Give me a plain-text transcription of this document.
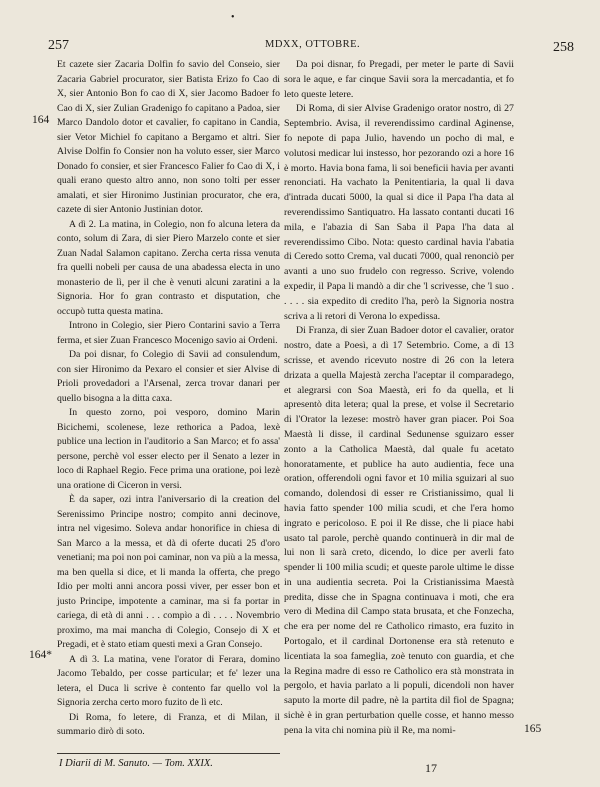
•
257	MDXX, OTTOBRE.	258
164
164*
165

Et cazete sier Zacaria Dolfin fo savio del Conseio, sier Zacaria Gabriel procurator, sier Batista Erizo fo Cao di X, sier Antonio Bon fo cao di X, sier Jacomo Badoer fo Cao di X, sier Zulian Gradenigo fo capitano a Padoa, sier Marco Dandolo dotor et cavalier, fo capitano in Candia, sier Vetor Michiel fo capitano a Bergamo et altri. Sier Alvise Dolfin fo Consier non ha voluto esser, sier Marco Donado fo consier, et sier Francesco Falier fo Cao di X, i quali erano questo altro anno, non sono tolti per esser amalati, et sier Hironimo Justinian procurator, che era, cazete di sier Antonio Justinian dotor.

A dì 2. La matina, in Colegio, non fo alcuna letera da conto, solum di Zara, di sier Piero Marzelo conte et sier Zuan Nadal Salamon capitano. Zercha certa rissa venuta fra quelli nobeli per causa de una abadessa electa in uno monasterio de lì, per il che è venuti alcuni zaratini a la Signoria. Hor fo gran contrasto et disputation, che occupò tutta questa matina.

Introno in Colegio, sier Piero Contarini savio a Terra ferma, et sier Zuan Francesco Mocenigo savio ai Ordeni.

Da poi disnar, fo Colegio di Savii ad consulendum, con sier Hironimo da Pexaro el consier et sier Alvise di Prioli provedadori a l'Arsenal, zerca trovar danari per quello bisogna a la ditta caxa.

In questo zorno, poi vesporo, domino Marin Bicichemi, scolenese, leze rethorica a Padoa, lexè publice una lection in l'auditorio a San Marco; et fo assa' persone, perchè vol esser electo per il Senato a lezer in loco di Raphael Regio. Fece prima una oratione, poi lezè una oratione di Ciceron in versi.

È da saper, ozi intra l'aniversario di la creation del Serenissimo Principe nostro; compito anni decinove, intra nel vigesimo. Soleva andar honorifice in chiesa di San Marco a la messa, et dà di oferte ducati 25 d'oro venetiani; ma poi non poi caminar, non va più a la messa, ma ben quella si dice, et li manda la offerta, che prego Idio per molti anni ancora possi viver, per esser bon et justo Principe, impotente a caminar, ma si fa portar in cariega, di età di anni . . . compìo a dì . . . . Novembrio proximo, ma mai mancha di Colegio, Consejo di X et Pregadi, et è stato etiam questi mexi a Gran Consejo.

A dì 3. La matina, vene l'orator di Ferara, domino Jacomo Tebaldo, per cosse particular; et fe' lezer una letera, el Duca li scrive è contento far quello vol la Signoria zercha certo moro fuzito de lì etc.

Di Roma, fo letere, di Franza, et di Milan, il summario dirò di soto.

Da poi disnar, fo Pregadi, per meter le parte di Savii sora le aque, e far cinque Savii sora la mercadantia, et fo leto queste letere.

Di Roma, di sier Alvise Gradenigo orator nostro, dì 27 Septembrio. Avisa, il reverendissimo cardinal Aginense, fo nepote di papa Julio, havendo un pocho di mal, e volutosi medicar lui instesso, hor pezorando ozi a hore 16 è morto. Havia bona fama, li soi beneficii havia per avanti renonciati. Ha vachato la Penitentiaria, la qual li dava d'intrada ducati 5000, la qual si dice il Papa l'ha data al reverendissimo Santiquatro. Ha lassato contanti ducati 16 mila, e l'abazia di San Saba il Papa l'ha data al reverendissimo Cibo. Nota: questo cardinal havia l'abatia di Ceredo sotto Crema, val ducati 7000, qual renonciò per avanti a uno suo frudelo con regresso. Scrive, volendo expedir, il Papa li mandò a dir che 'l scrivesse, che 'l suo . . . . . sia expedito di credito l'ha, però la Signoria nostra scriva a li retori di Verona lo expedissa.

Di Franza, di sier Zuan Badoer dotor el cavalier, orator nostro, date a Poesì, a dì 17 Setembrio. Come, a dì 13 scrisse, et avendo ricevuto nostre di 26 con la letera drizata a quella Majestà zercha l'aceptar il comparadego, et alegrarsi con Soa Maestà, eri fo da quella, et li apresentò dita letera; qual la prese, et volse il Secretario di l'Orator la lezese: mostrò haver gran piacer. Poi Soa Maestà li disse, il cardinal Sedunense sguizaro esser zonto a la Catholica Maestà, dal quale fu acetato honoratamente, et publice ha auto audientia, fece una oration, offerendoli ogni favor et 10 milia sguizari al suo comando, dolendosi di esser re Cristianissimo, qual li havia fatto spender 100 milia scudi, et che l'era homo ingrato e pericoloso. E poi il Re disse, che li piace habi usato tal parole, perchè quando continuerà in dir mal de lui non li sarà creto, dicendo, lo dice per averli fato spender li 100 milia scudi; et queste parole ultime le disse in una audientia secreta. Poi la Cristianissima Maestà predita, disse che in Spagna continuava i moti, che era vero di Medina dil Campo stata brusata, et che Fonzecha, che era per nome del re Catholico rimasto, era fuzito in Portogalo, et il cardinal Dortonense era stà retenuto e licentiata la soa fameglia, zoè tenuto con guardia, et che la Regina madre di esso re Catholico era stà monstrata in pergolo, et havia parlato a li populi, dicendoli non haver saputo la morte dil padre, nè la partita dil fiol de Spagna; sichè è in gran perturbation quelle cosse, et hanno messo pena la vita chi nomina più il Re, ma nomi-

I Diarii di M. Sanuto. — Tom. XXIX.	17
